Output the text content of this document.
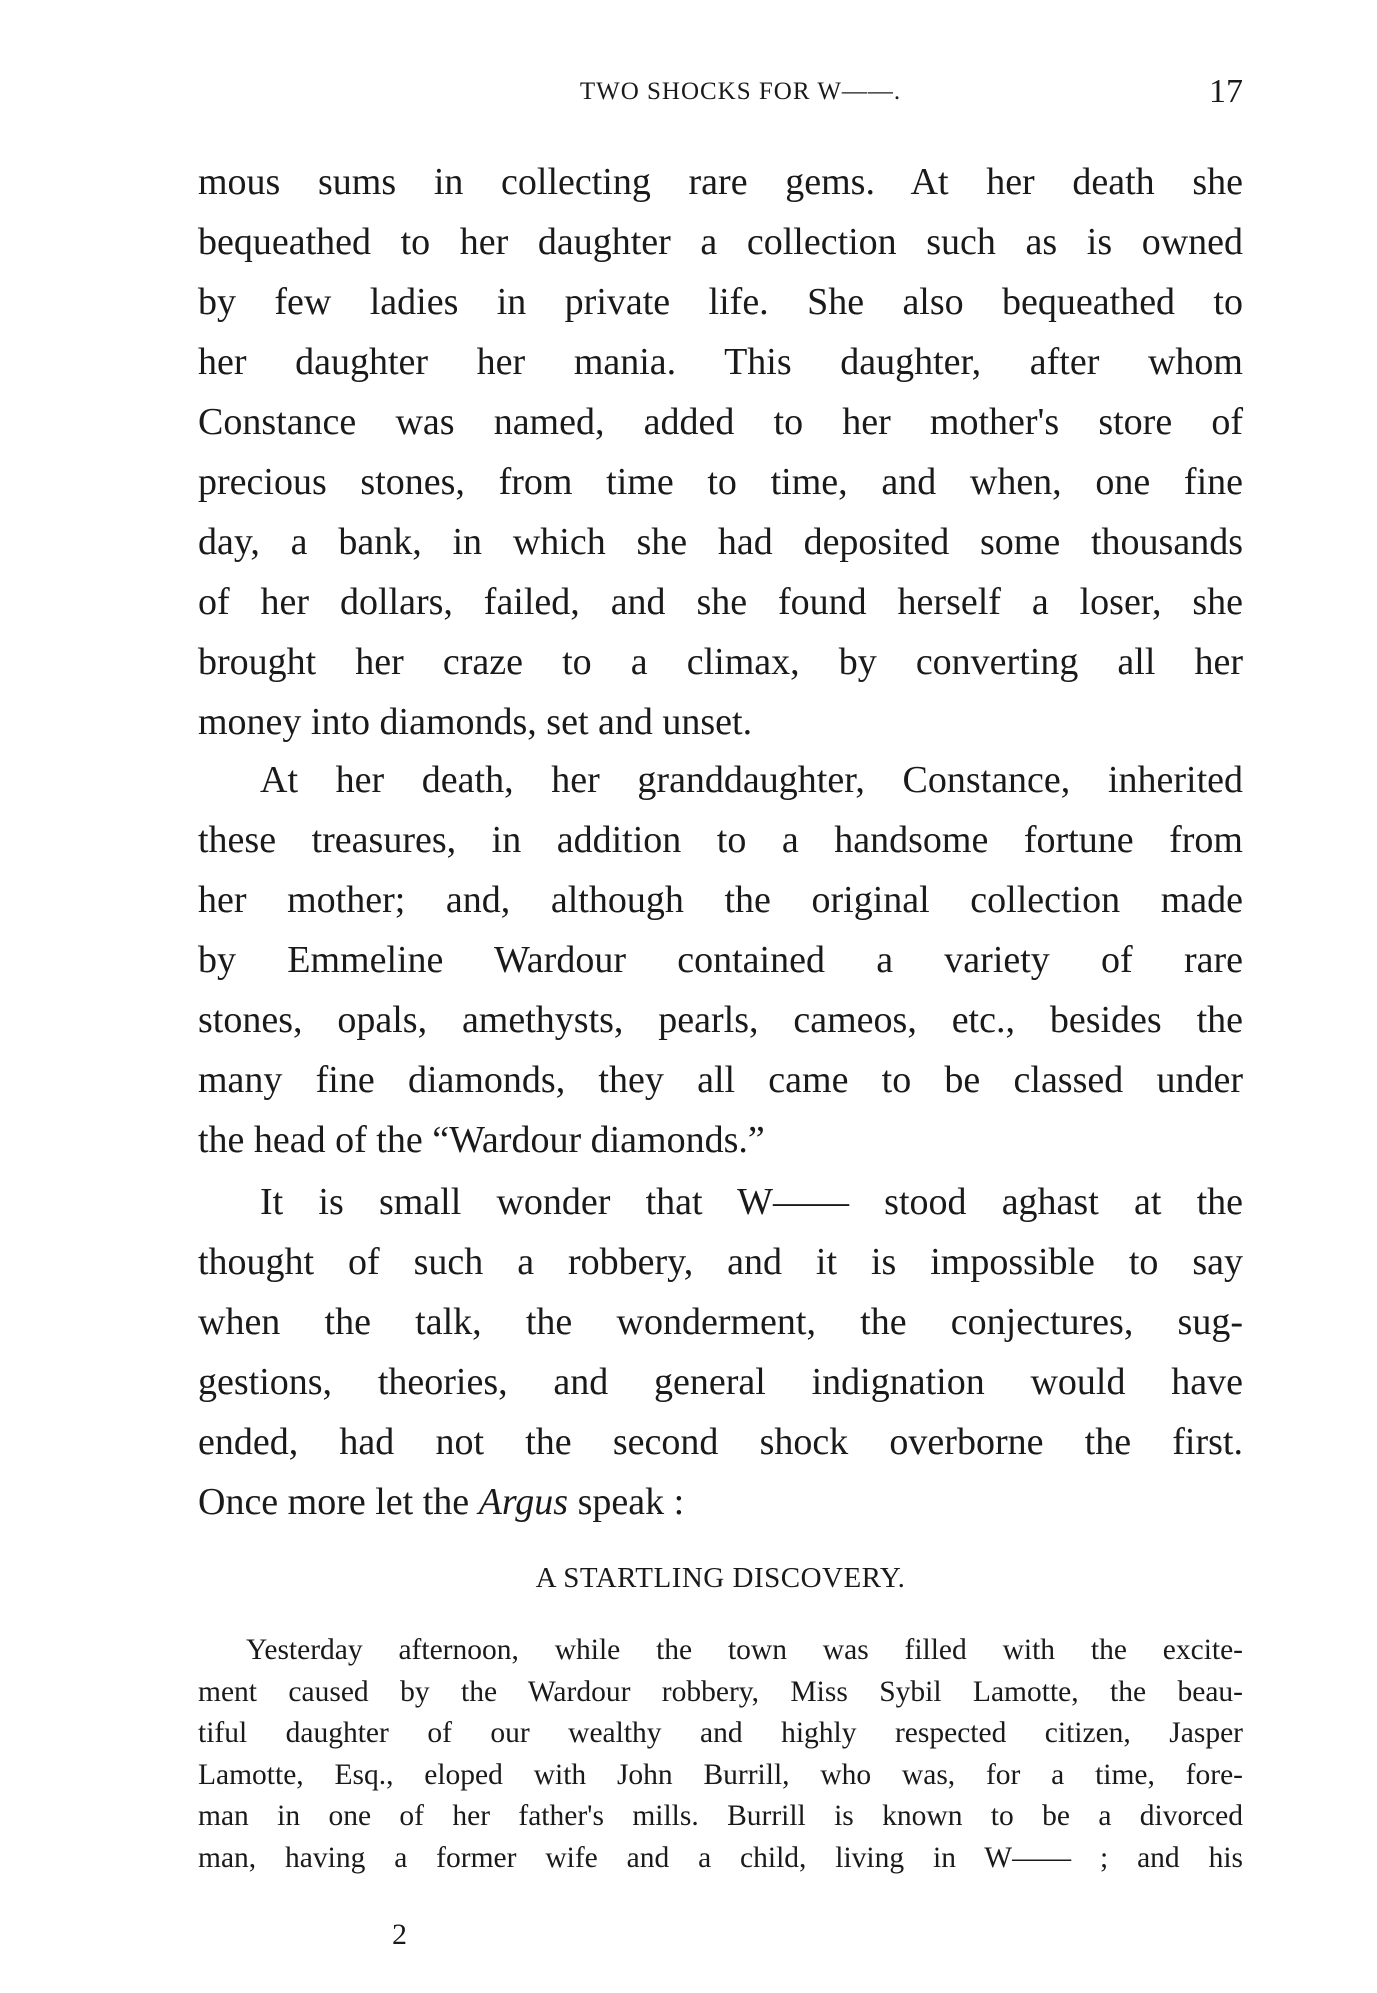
TWO SHOCKS FOR W——.	17
mous sums in collecting rare gems. At her death she
bequeathed to her daughter a collection such as is owned
by few ladies in private life. She also bequeathed to
her daughter her mania. This daughter, after whom
Constance was named, added to her mother's store of
precious stones, from time to time, and when, one fine
day, a bank, in which she had deposited some thousands
of her dollars, failed, and she found herself a loser, she
brought her craze to a climax, by converting all her
money into diamonds, set and unset.
At her death, her granddaughter, Constance, inherited
these treasures, in addition to a handsome fortune from
her mother; and, although the original collection made
by Emmeline Wardour contained a variety of rare
stones, opals, amethysts, pearls, cameos, etc., besides the
many fine diamonds, they all came to be classed under
the head of the “Wardour diamonds.”
It is small wonder that W—— stood aghast at the
thought of such a robbery, and it is impossible to say
when the talk, the wonderment, the conjectures, sug-
gestions, theories, and general indignation would have
ended, had not the second shock overborne the first.
Once more let the Argus speak :
A STARTLING DISCOVERY.
Yesterday afternoon, while the town was filled with the excite-
ment caused by the Wardour robbery, Miss Sybil Lamotte, the beau-
tiful daughter of our wealthy and highly respected citizen, Jasper
Lamotte, Esq., eloped with John Burrill, who was, for a time, fore-
man in one of her father's mills. Burrill is known to be a divorced
man, having a former wife and a child, living in W—— ; and his
2
